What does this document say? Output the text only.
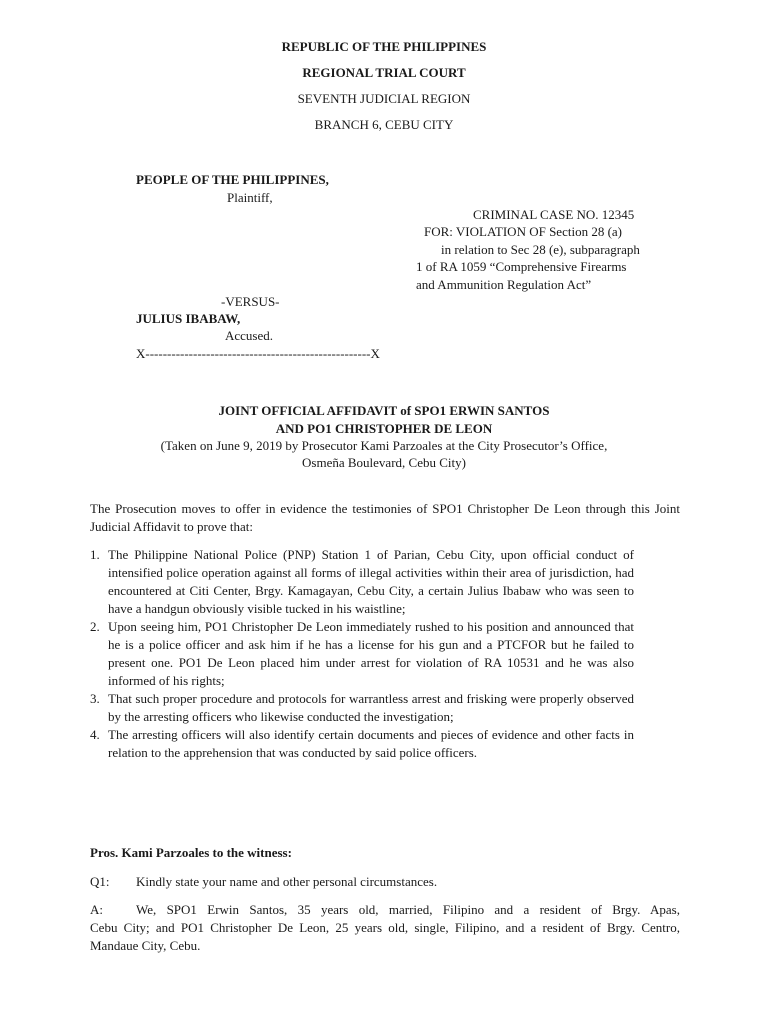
REPUBLIC OF THE PHILIPPINES
REGIONAL TRIAL COURT
SEVENTH JUDICIAL REGION
BRANCH 6, CEBU CITY
PEOPLE OF THE PHILIPPINES,
Plaintiff,
CRIMINAL CASE NO. 12345
FOR: VIOLATION OF Section 28 (a)
in relation to Sec 28 (e), subparagraph
1 of RA 1059 “Comprehensive Firearms
and Ammunition Regulation Act”
-VERSUS-
JULIUS IBABAW,
Accused.
X----------------------------------------------------X
JOINT OFFICIAL AFFIDAVIT of SPO1 ERWIN SANTOS
AND PO1 CHRISTOPHER DE LEON
(Taken on June 9, 2019 by Prosecutor Kami Parzoales at the City Prosecutor’s Office,
Osmeña Boulevard, Cebu City)
The Prosecution moves to offer in evidence the testimonies of SPO1 Christopher De Leon through this Joint Judicial Affidavit to prove that:
1. The Philippine National Police (PNP) Station 1 of Parian, Cebu City, upon official conduct of intensified police operation against all forms of illegal activities within their area of jurisdiction, had encountered at Citi Center, Brgy. Kamagayan, Cebu City, a certain Julius Ibabaw who was seen to have a handgun obviously visible tucked in his waistline;
2. Upon seeing him, PO1 Christopher De Leon immediately rushed to his position and announced that he is a police officer and ask him if he has a license for his gun and a PTCFOR but he failed to present one. PO1 De Leon placed him under arrest for violation of RA 10531 and he was also informed of his rights;
3. That such proper procedure and protocols for warrantless arrest and frisking were properly observed by the arresting officers who likewise conducted the investigation;
4. The arresting officers will also identify certain documents and pieces of evidence and other facts in relation to the apprehension that was conducted by said police officers.
Pros. Kami Parzoales to the witness:
Q1: Kindly state your name and other personal circumstances.
A:	We, SPO1 Erwin Santos, 35 years old, married, Filipino and a resident of Brgy. Apas,
Cebu City; and PO1 Christopher De Leon, 25 years old, single, Filipino, and a resident of Brgy. Centro, Mandaue City, Cebu.
